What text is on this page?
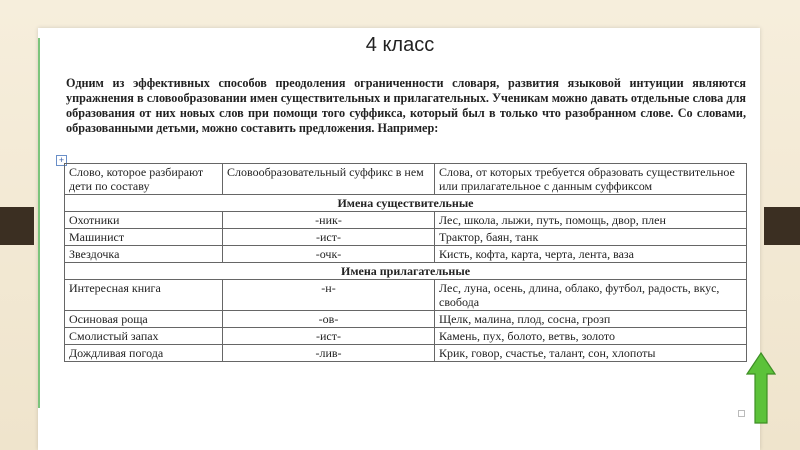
4 класс
Одним из эффективных способов преодоления ограниченности словаря, развития языковой интуиции являются упражнения в словообразовании имен существительных и прилагательных. Ученикам можно давать отдельные слова для образования от них новых слов при помощи того суффикса, который был в только что разобранном слове. Со словами, образованными детьми, можно составить предложения. Например:
+
Слово, которое разбирают дети по составу	Словообразовательный суффикс в нем	Слова, от которых требуется образовать существительное или прилагательное с данным суффиксом
Имена существительные		
Охотники	-ник-	Лес, школа, лыжи, путь, помощь, двор, плен
Машинист	-ист-	Трактор, баян, танк
Звездочка	-очк-	Кисть, кофта, карта, черта, лента, ваза
Имена прилагательные		
Интересная книга	-н-	Лес, луна, осень, длина, облако, футбол, радость, вкус, свобода
Осиновая роща	-ов-	Щелк, малина, плод, сосна, грозп
Смолистый запах	-ист-	Камень, пух, болото, ветвь, золото
Дождливая погода	-лив-	Крик, говор, счастье, талант, сон, хлопоты
